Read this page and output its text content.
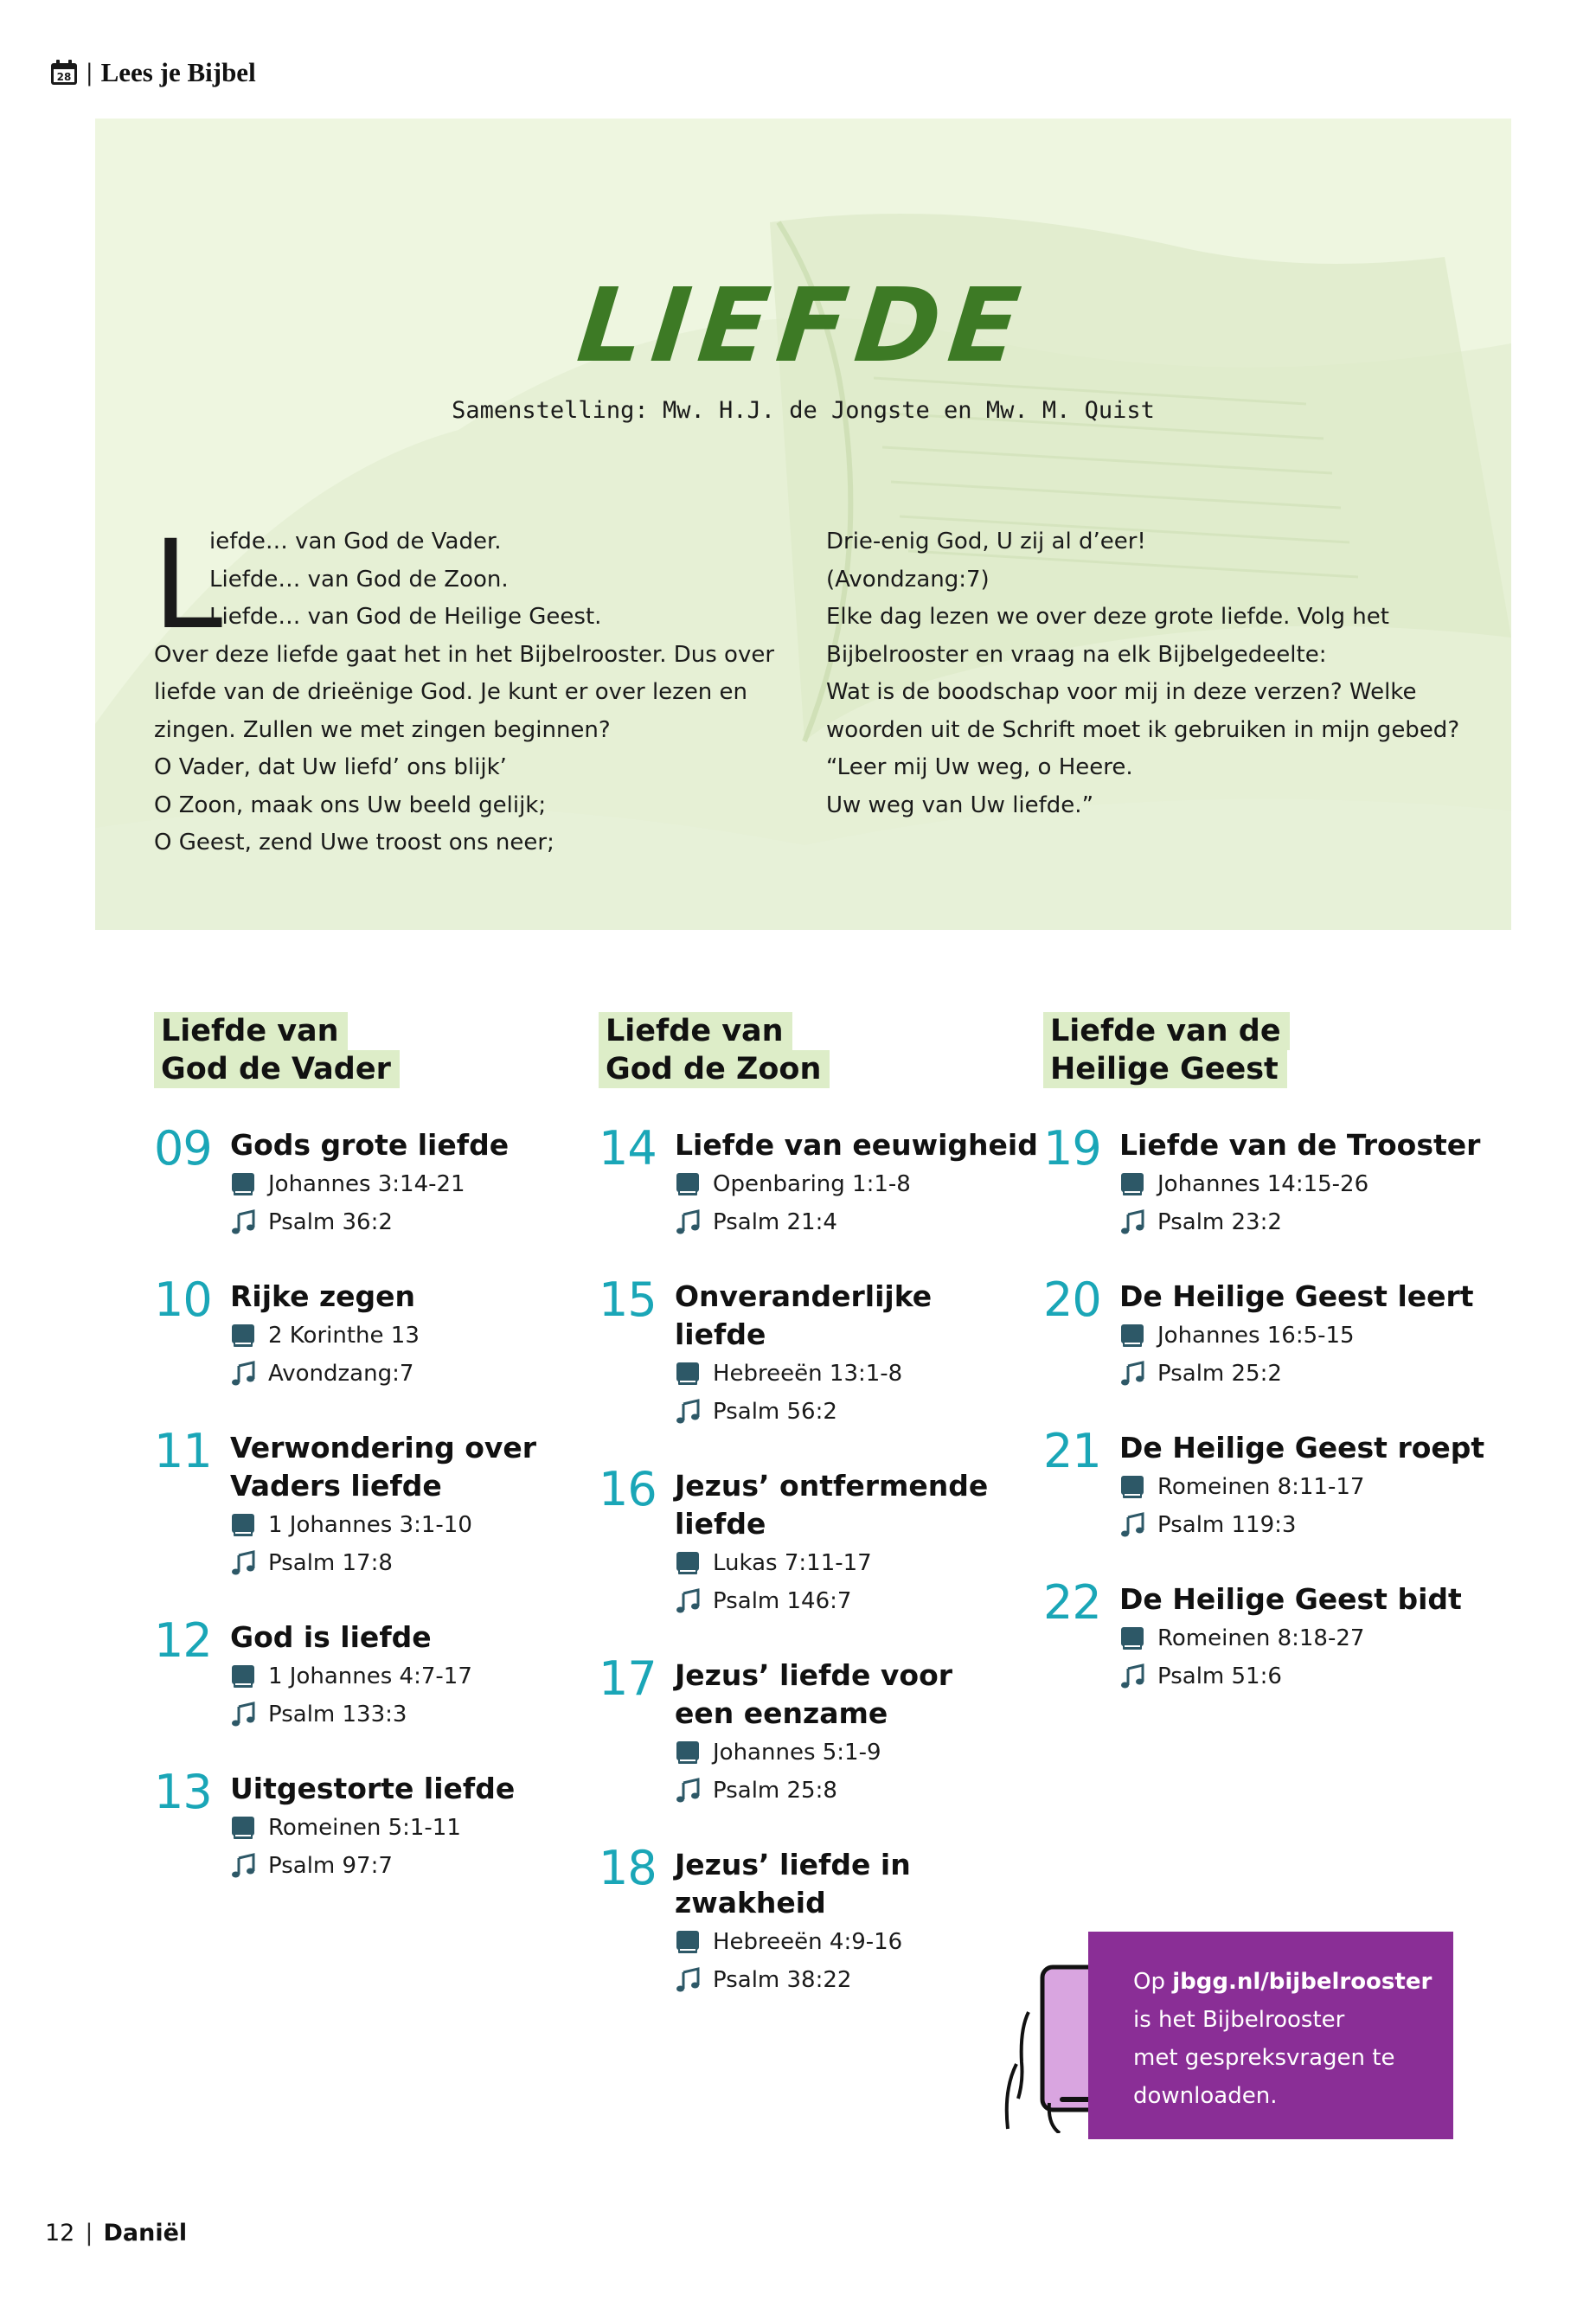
28 | Lees je Bijbel
LIEFDE
Samenstelling: Mw. H.J. de Jongste en Mw. M. Quist
L
iefde… van God de Vader.
Liefde… van God de Zoon.
Liefde… van God de Heilige Geest.
Over deze liefde gaat het in het Bijbelrooster. Dus over
liefde van de drieënige God. Je kunt er over lezen en
zingen. Zullen we met zingen beginnen?
O Vader, dat Uw liefd’ ons blijk’
O Zoon, maak ons Uw beeld gelijk;
O Geest, zend Uwe troost ons neer;
Drie-enig God, U zij al d’eer!
(Avondzang:7)
Elke dag lezen we over deze grote liefde. Volg het
Bijbelrooster en vraag na elk Bijbelgedeelte:
Wat is de boodschap voor mij in deze verzen? Welke
woorden uit de Schrift moet ik gebruiken in mijn gebed?
“Leer mij Uw weg, o Heere.
Uw weg van Uw liefde.”
Liefde van
God de Vader
09 Gods grote liefde
Johannes 3:14-21
Psalm 36:2
10 Rijke zegen
2 Korinthe 13
Avondzang:7
11 Verwondering over Vaders liefde
1 Johannes 3:1-10
Psalm 17:8
12 God is liefde
1 Johannes 4:7-17
Psalm 133:3
13 Uitgestorte liefde
Romeinen 5:1-11
Psalm 97:7
Liefde van
God de Zoon
14 Liefde van eeuwigheid
Openbaring 1:1-8
Psalm 21:4
15 Onveranderlijke liefde
Hebreeën 13:1-8
Psalm 56:2
16 Jezus’ ontfermende liefde
Lukas 7:11-17
Psalm 146:7
17 Jezus’ liefde voor een eenzame
Johannes 5:1-9
Psalm 25:8
18 Jezus’ liefde in zwakheid
Hebreeën 4:9-16
Psalm 38:22
Liefde van de
Heilige Geest
19 Liefde van de Trooster
Johannes 14:15-26
Psalm 23:2
20 De Heilige Geest leert
Johannes 16:5-15
Psalm 25:2
21 De Heilige Geest roept
Romeinen 8:11-17
Psalm 119:3
22 De Heilige Geest bidt
Romeinen 8:18-27
Psalm 51:6
Op jbgg.nl/bijbelrooster
is het Bijbelrooster
met gespreksvragen te
downloaden.
12 | Daniël
